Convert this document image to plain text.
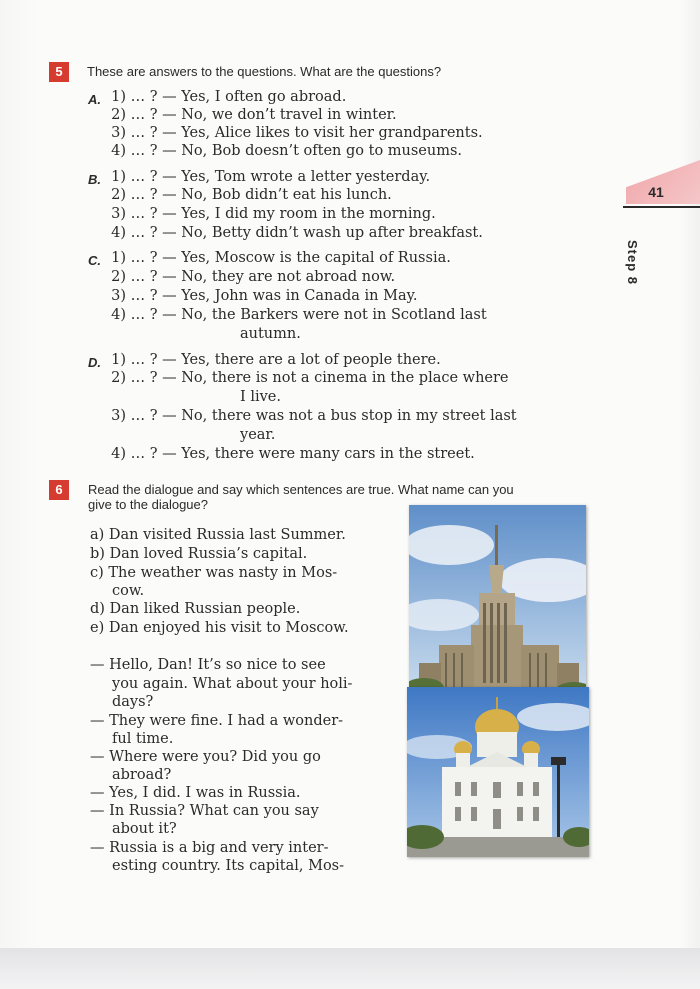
41
Step 8
5	These are answers to the questions. What are the questions?
A. 1) … ? — Yes, I often go abroad.
2) … ? — No, we don’t travel in winter.
3) … ? — Yes, Alice likes to visit her grandparents.
4) … ? — No, Bob doesn’t often go to museums.
B. 1) … ? — Yes, Tom wrote a letter yesterday.
2) … ? — No, Bob didn’t eat his lunch.
3) … ? — Yes, I did my room in the morning.
4) … ? — No, Betty didn’t wash up after breakfast.
C. 1) … ? — Yes, Moscow is the capital of Russia.
2) … ? — No, they are not abroad now.
3) … ? — Yes, John was in Canada in May.
4) … ? — No, the Barkers were not in Scotland last
autumn.
D. 1) … ? — Yes, there are a lot of people there.
2) … ? — No, there is not a cinema in the place where
I live.
3) … ? — No, there was not a bus stop in my street last
year.
4) … ? — Yes, there were many cars in the street.
6	Read the dialogue and say which sentences are true. What name can you
give to the dialogue?
a) Dan visited Russia last Summer.
b) Dan loved Russia’s capital.
c) The weather was nasty in Mos-
cow.
d) Dan liked Russian people.
e) Dan enjoyed his visit to Moscow.
— Hello, Dan! It’s so nice to see
you again. What about your holi-
days?
— They were fine. I had a wonder-
ful time.
— Where were you? Did you go
abroad?
— Yes, I did. I was in Russia.
— In Russia? What can you say
about it?
— Russia is a big and very inter-
esting country. Its capital, Mos-
